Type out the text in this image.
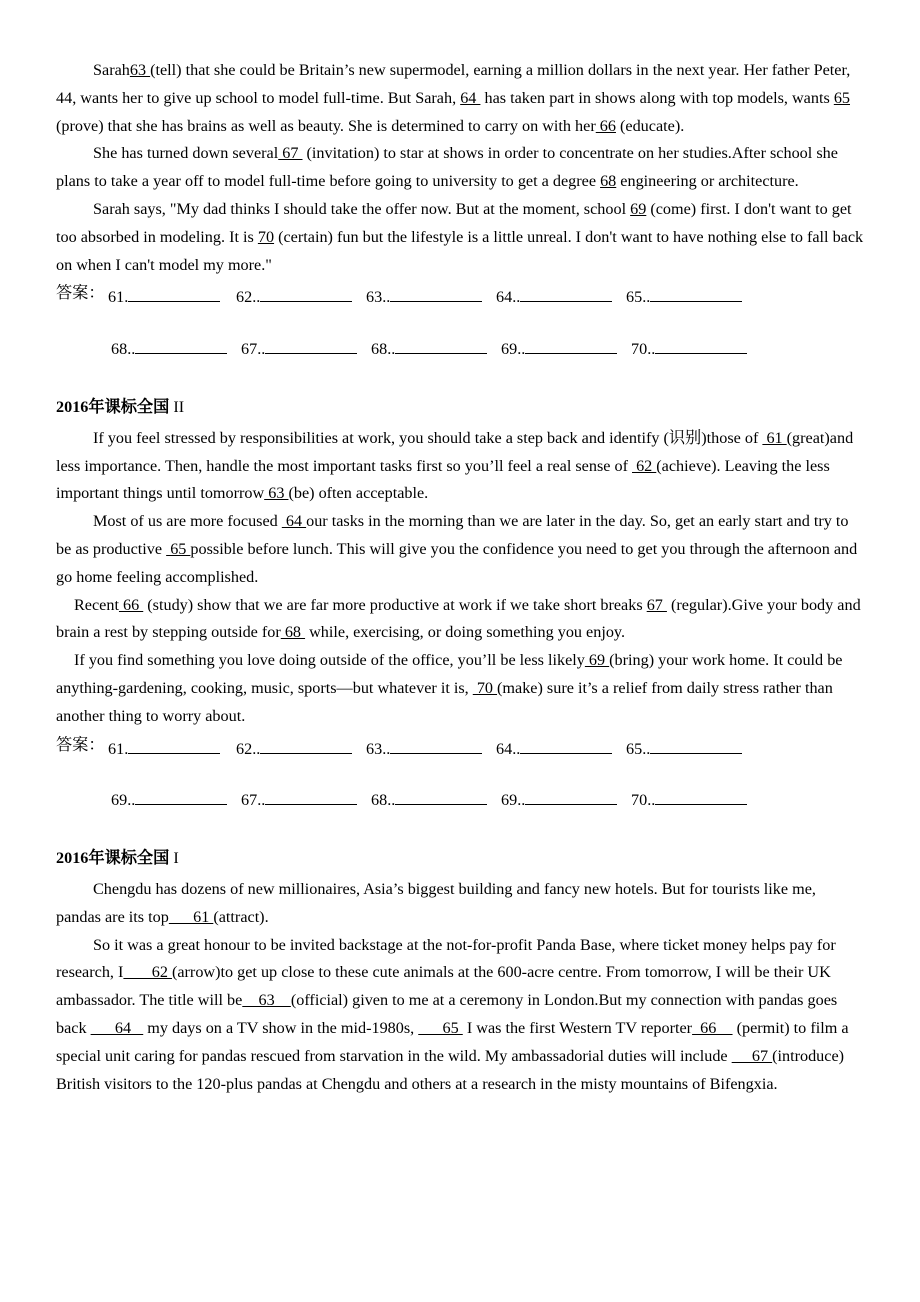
Sarah63 (tell) that she could be Britain’s new supermodel, earning a million dollars in the next year. Her father Peter, 44, wants her to give up school to model full-time. But Sarah, 64  has taken part in shows along with top models, wants 65 (prove) that she has brains as well as beauty. She is determined to carry on with her 66 (educate).

She has turned down several 67  (invitation) to star at shows in order to concentrate on her studies.After school she plans to take a year off to model full-time before going to university to get a degree 68 engineering or architecture.

Sarah says, "My dad thinks I should take the offer now. But at the moment, school 69 (come) first. I don't want to get too absorbed in modeling. It is 70 (certain) fun but the lifestyle is a little unreal. I don't want to have nothing else to fall back on when I can't model my more."

答案： 61.	62..	63..	64..	65..
68..	67..	68..	69..	70..

2016年课标全国 II

If you feel stressed by responsibilities at work, you should take a step back and identify (识别)those of  61 (great)and less importance. Then, handle the most important tasks first so you’ll feel a real sense of  62 (achieve). Leaving the less important things until tomorrow 63 (be) often acceptable.

Most of us are more focused  64 our tasks in the morning than we are later in the day. So, get an early start and try to be as productive  65 possible before lunch. This will give you the confidence you need to get you through the afternoon and go home feeling accomplished.

Recent 66  (study) show that we are far more productive at work if we take short breaks 67  (regular).Give your body and brain a rest by stepping outside for 68  while, exercising, or doing something you enjoy.

If you find something you love doing outside of the office, you’ll be less likely 69 (bring) your work home. It could be anything-gardening, cooking, music, sports—but whatever it is,  70 (make) sure it’s a relief from daily stress rather than another thing to worry about.

答案： 61.	62..	63..	64..	65..
69..	67..	68..	69..	70..

2016年课标全国 I

Chengdu has dozens of new millionaires, Asia’s biggest building and fancy new hotels. But for tourists like me, pandas are its top      61 (attract).

So it was a great honour to be invited backstage at the not-for-profit Panda Base, where ticket money helps pay for research, I       62 (arrow)to get up close to these cute animals at the 600-acre centre. From tomorrow, I will be their UK ambassador. The title will be    63    (official) given to me at a ceremony in London.But my connection with pandas goes back       64    my days on a TV show in the mid-1980s,       65  I was the first Western TV reporter  66     (permit) to film a special unit caring for pandas rescued from starvation in the wild. My ambassadorial duties will include      67 (introduce) British visitors to the 120-plus pandas at Chengdu and others at a research in the misty mountains of Bifengxia.
